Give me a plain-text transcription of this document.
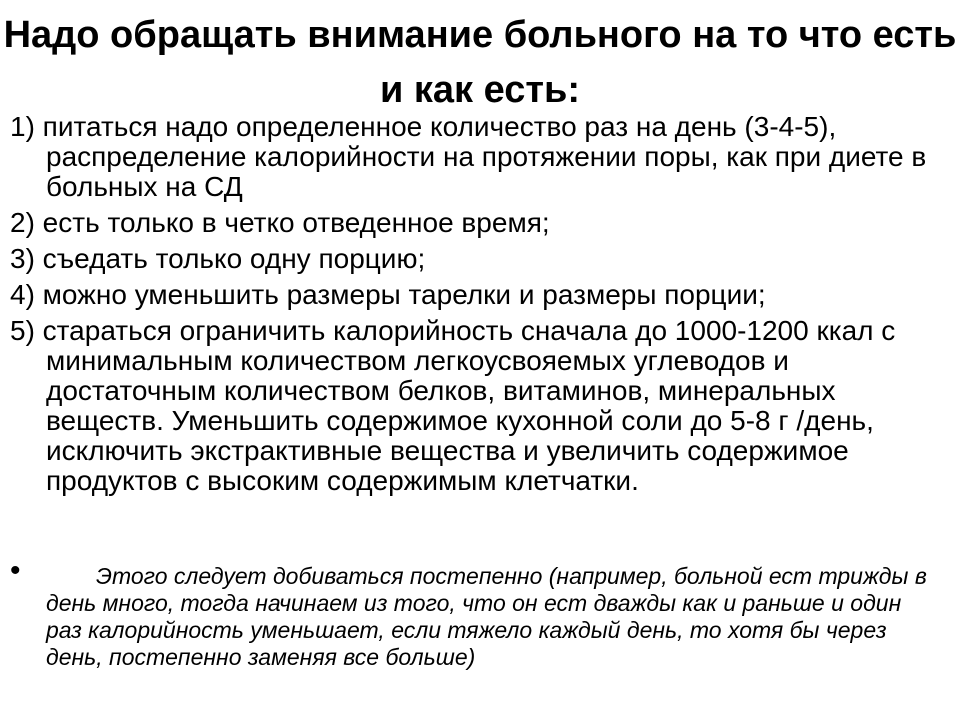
Надо обращать внимание больного на то что есть и как есть:
1) питаться надо определенное количество раз на день (3-4-5), распределение калорийности на протяжении поры, как при диете в больных на СД
2) есть только в четко отведенное время;
3) съедать только одну порцию;
4) можно уменьшить размеры тарелки и размеры порции;
5) стараться ограничить калорийность сначала до 1000-1200 ккал с минимальным количеством легкоусвояемых углеводов и достаточным количеством белков, витаминов, минеральных веществ. Уменьшить содержимое кухонной соли до 5-8 г /день, исключить экстрактивные вещества и увеличить содержимое продуктов с высоким содержимым клетчатки.
•	Этого следует добиваться постепенно (например, больной ест трижды в день много, тогда начинаем из того, что он ест дважды как и раньше и один раз калорийность уменьшает, если тяжело каждый день, то хотя бы через день, постепенно заменяя все больше)
